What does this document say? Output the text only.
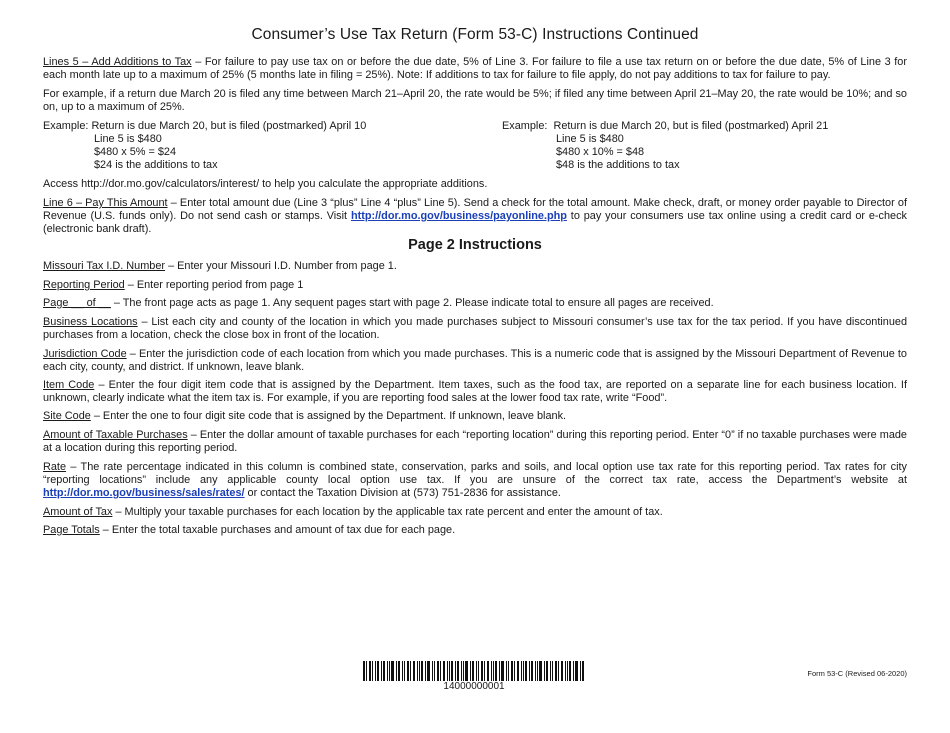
Consumer’s Use Tax Return (Form 53-C) Instructions Continued
Lines 5 – Add Additions to Tax – For failure to pay use tax on or before the due date, 5% of Line 3. For failure to file a use tax return on or before the due date, 5% of Line 3 for each month late up to a maximum of 25% (5 months late in filing = 25%). Note: If additions to tax for failure to file apply, do not pay additions to tax for failure to pay.
For example, if a return due March 20 is filed any time between March 21–April 20, the rate would be 5%; if filed any time between April 21–May 20, the rate would be 10%; and so on, up to a maximum of 25%.
Example: Return is due March 20, but is filed (postmarked) April 10
Line 5 is $480
$480 x 5% = $24
$24 is the additions to tax
Example: Return is due March 20, but is filed (postmarked) April 21
Line 5 is $480
$480 x 10% = $48
$48 is the additions to tax
Access http://dor.mo.gov/calculators/interest/ to help you calculate the appropriate additions.
Line 6 – Pay This Amount – Enter total amount due (Line 3 “plus” Line 4 “plus” Line 5). Send a check for the total amount. Make check, draft, or money order payable to Director of Revenue (U.S. funds only). Do not send cash or stamps. Visit http://dor.mo.gov/business/payonline.php to pay your consumers use tax online using a credit card or e-check (electronic bank draft).
Page 2 Instructions
Missouri Tax I.D. Number – Enter your Missouri I.D. Number from page 1.
Reporting Period – Enter reporting period from page 1
Page __ of __ – The front page acts as page 1. Any sequent pages start with page 2. Please indicate total to ensure all pages are received.
Business Locations – List each city and county of the location in which you made purchases subject to Missouri consumer’s use tax for the tax period. If you have discontinued purchases from a location, check the close box in front of the location.
Jurisdiction Code – Enter the jurisdiction code of each location from which you made purchases. This is a numeric code that is assigned by the Missouri Department of Revenue to each city, county, and district. If unknown, leave blank.
Item Code – Enter the four digit item code that is assigned by the Department. Item taxes, such as the food tax, are reported on a separate line for each business location. If unknown, clearly indicate what the item tax is. For example, if you are reporting food sales at the lower food tax rate, write “Food”.
Site Code – Enter the one to four digit site code that is assigned by the Department. If unknown, leave blank.
Amount of Taxable Purchases – Enter the dollar amount of taxable purchases for each “reporting location” during this reporting period. Enter “0” if no taxable purchases were made at a location during this reporting period.
Rate – The rate percentage indicated in this column is combined state, conservation, parks and soils, and local option use tax rate for this reporting period. Tax rates for city “reporting locations” include any applicable county local option use tax. If you are unsure of the correct tax rate, access the Department’s website at http://dor.mo.gov/business/sales/rates/ or contact the Taxation Division at (573) 751-2836 for assistance.
Amount of Tax – Multiply your taxable purchases for each location by the applicable tax rate percent and enter the amount of tax.
Page Totals – Enter the total taxable purchases and amount of tax due for each page.
14000000001
Form 53-C (Revised 06-2020)
